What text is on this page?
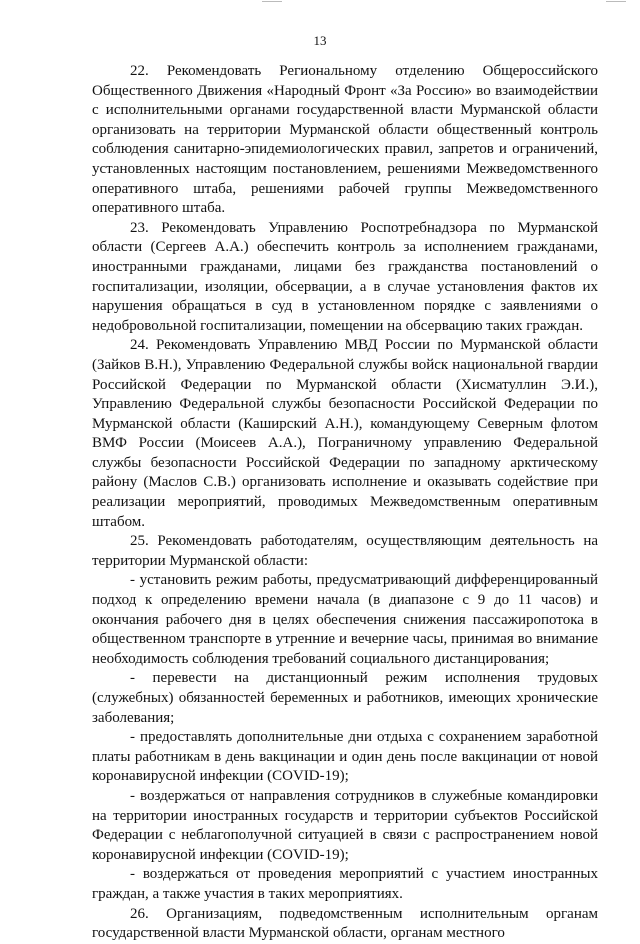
13

22. Рекомендовать Региональному отделению Общероссийского Общественного Движения «Народный Фронт «За Россию» во взаимодействии с исполнительными органами государственной власти Мурманской области организовать на территории Мурманской области общественный контроль соблюдения санитарно-эпидемиологических правил, запретов и ограничений, установленных настоящим постановлением, решениями Межведомственного оперативного штаба, решениями рабочей группы Межведомственного оперативного штаба.

23. Рекомендовать Управлению Роспотребнадзора по Мурманской области (Сергеев А.А.) обеспечить контроль за исполнением гражданами, иностранными гражданами, лицами без гражданства постановлений о госпитализации, изоляции, обсервации, а в случае установления фактов их нарушения обращаться в суд в установленном порядке с заявлениями о недобровольной госпитализации, помещении на обсервацию таких граждан.

24. Рекомендовать Управлению МВД России по Мурманской области (Зайков В.Н.), Управлению Федеральной службы войск национальной гвардии Российской Федерации по Мурманской области (Хисматуллин Э.И.), Управлению Федеральной службы безопасности Российской Федерации по Мурманской области (Каширский А.Н.), командующему Северным флотом ВМФ России (Моисеев А.А.), Пограничному управлению Федеральной службы безопасности Российской Федерации по западному арктическому району (Маслов С.В.) организовать исполнение и оказывать содействие при реализации мероприятий, проводимых Межведомственным оперативным штабом.

25. Рекомендовать работодателям, осуществляющим деятельность на территории Мурманской области:

- установить режим работы, предусматривающий дифференцированный подход к определению времени начала (в диапазоне с 9 до 11 часов) и окончания рабочего дня в целях обеспечения снижения пассажиропотока в общественном транспорте в утренние и вечерние часы, принимая во внимание необходимость соблюдения требований социального дистанцирования;

- перевести на дистанционный режим исполнения трудовых (служебных) обязанностей беременных и работников, имеющих хронические заболевания;

- предоставлять дополнительные дни отдыха с сохранением заработной платы работникам в день вакцинации и один день после вакцинации от новой коронавирусной инфекции (COVID-19);

- воздержаться от направления сотрудников в служебные командировки на территории иностранных государств и территории субъектов Российской Федерации с неблагополучной ситуацией в связи с распространением новой коронавирусной инфекции (COVID-19);

- воздержаться от проведения мероприятий с участием иностранных граждан, а также участия в таких мероприятиях.

26. Организациям, подведомственным исполнительным органам государственной власти Мурманской области, органам местного
